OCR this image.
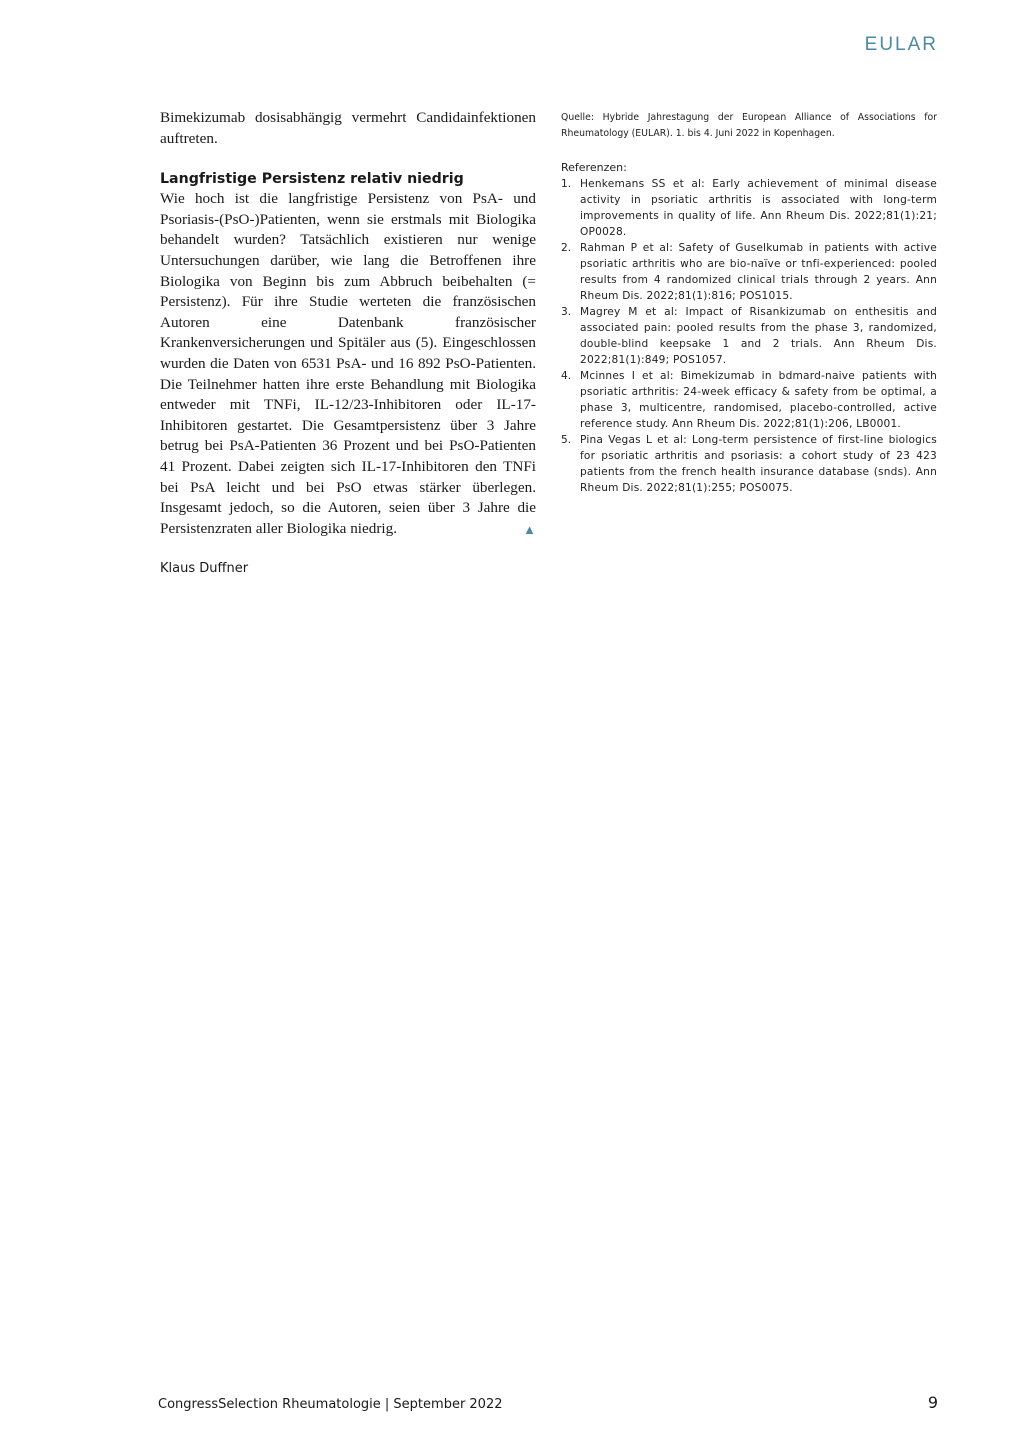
EULAR

Bimekizumab dosisabhängig vermehrt Candidainfektionen auftreten.

Langfristige Persistenz relativ niedrig

Wie hoch ist die langfristige Persistenz von PsA- und Psoriasis-(PsO-)Patienten, wenn sie erstmals mit Biologika behandelt wurden? Tatsächlich existieren nur wenige Untersuchungen darüber, wie lang die Betroffenen ihre Biologika von Beginn bis zum Abbruch beibehalten (= Persistenz). Für ihre Studie werteten die französischen Autoren eine Datenbank französischer Krankenversicherungen und Spitäler aus (5). Eingeschlossen wurden die Daten von 6531 PsA- und 16 892 PsO-Patienten. Die Teilnehmer hatten ihre erste Behandlung mit Biologika entweder mit TNFi, IL-12/23-Inhibitoren oder IL-17-Inhibitoren gestartet. Die Gesamtpersistenz über 3 Jahre betrug bei PsA-Patienten 36 Prozent und bei PsO-Patienten 41 Prozent. Dabei zeigten sich IL-17-Inhibitoren den TNFi bei PsA leicht und bei PsO etwas stärker überlegen. Insgesamt jedoch, so die Autoren, seien über 3 Jahre die Persistenzraten aller Biologika niedrig.	▲

Klaus Duffner

Quelle: Hybride Jahrestagung der European Alliance of Associations for Rheumatology (EULAR). 1. bis 4. Juni 2022 in Kopenhagen.

Referenzen:

1. Henkemans SS et al: Early achievement of minimal disease activity in psoriatic arthritis is associated with long-term improvements in quality of life. Ann Rheum Dis. 2022;81(1):21; OP0028.
2. Rahman P et al: Safety of Guselkumab in patients with active psoriatic arthritis who are bio-naïve or tnfi-experienced: pooled results from 4 randomized clinical trials through 2 years. Ann Rheum Dis. 2022;81(1):816; POS1015.
3. Magrey M et al: Impact of Risankizumab on enthesitis and associated pain: pooled results from the phase 3, randomized, double-blind keepsake 1 and 2 trials. Ann Rheum Dis. 2022;81(1):849; POS1057.
4. Mcinnes I et al: Bimekizumab in bdmard-naive patients with psoriatic arthritis: 24-week efficacy & safety from be optimal, a phase 3, multicentre, randomised, placebo-controlled, active reference study. Ann Rheum Dis. 2022;81(1):206, LB0001.
5. Pina Vegas L et al: Long-term persistence of first-line biologics for psoriatic arthritis and psoriasis: a cohort study of 23 423 patients from the french health insurance database (snds). Ann Rheum Dis. 2022;81(1):255; POS0075.
CongressSelection Rheumatologie | September 2022	9
